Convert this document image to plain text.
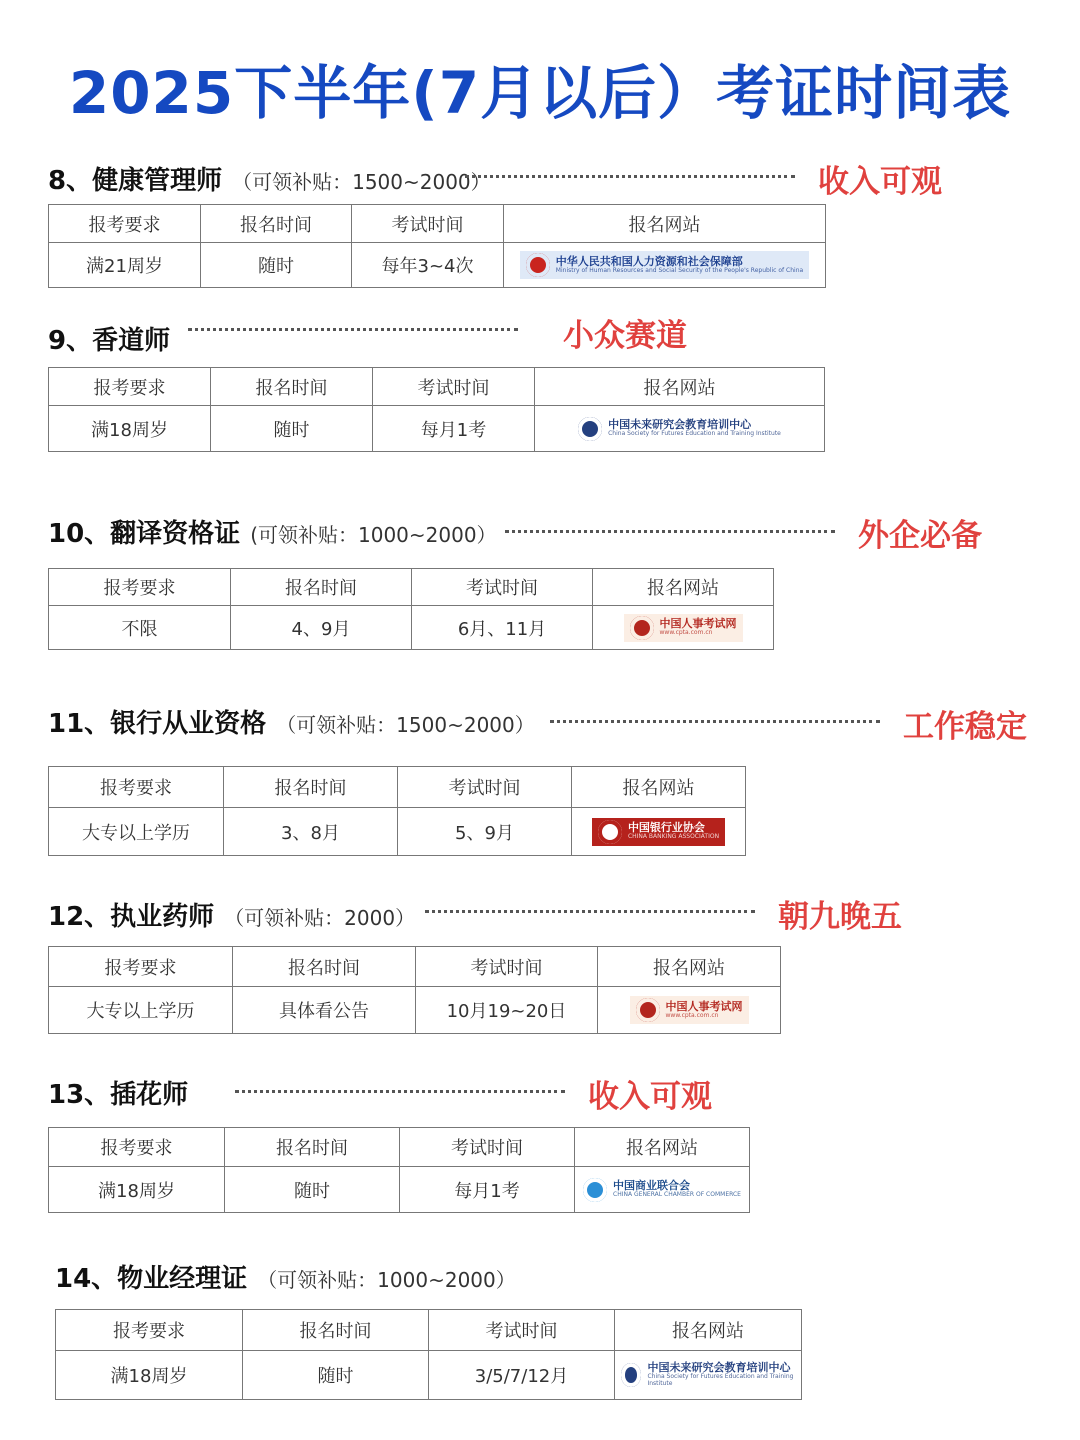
2025下半年(7月以后）考证时间表
8、健康管理师 （可领补贴：1500~2000）	收入可观
报考要求	报名时间	考试时间	报名网站
满21周岁	随时	每年3~4次	中华人民共和国人力资源和社会保障部
Ministry of Human Resources and Social Security of the People's Republic of China
9、香道师	小众赛道
报考要求	报名时间	考试时间	报名网站
满18周岁	随时	每月1考	中国未来研究会教育培训中心
China Society for Futures Education and Training Institute
10、翻译资格证 (可领补贴：1000~2000）	外企必备
报考要求	报名时间	考试时间	报名网站
不限	4、9月	6月、11月	中国人事考试网
www.cpta.com.cn
11、银行从业资格 （可领补贴：1500~2000）	工作稳定
报考要求	报名时间	考试时间	报名网站
大专以上学历	3、8月	5、9月	中国银行业协会
CHINA BANKING ASSOCIATION
12、执业药师 （可领补贴：2000）	朝九晚五
报考要求	报名时间	考试时间	报名网站
大专以上学历	具体看公告	10月19~20日	中国人事考试网
www.cpta.com.cn
13、插花师	收入可观
报考要求	报名时间	考试时间	报名网站
满18周岁	随时	每月1考	中国商业联合会
CHINA GENERAL CHAMBER OF COMMERCE
14、物业经理证 （可领补贴：1000~2000）
报考要求	报名时间	考试时间	报名网站
满18周岁	随时	3/5/7/12月	中国未来研究会教育培训中心
China Society for Futures Education and Training Institute
